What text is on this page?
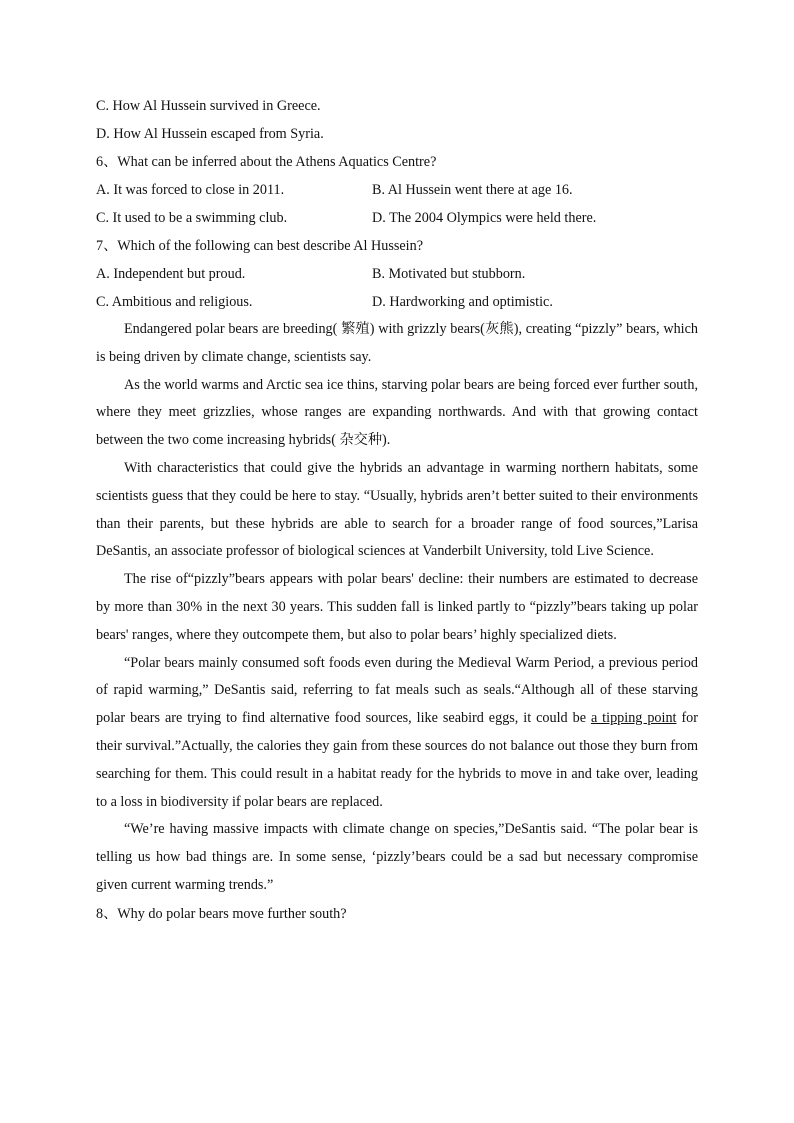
C. How Al Hussein survived in Greece.
D. How Al Hussein escaped from Syria.
6、What can be inferred about the Athens Aquatics Centre?
A. It was forced to close in 2011.	B. Al Hussein went there at age 16.
C. It used to be a swimming club.	D. The 2004 Olympics were held there.
7、Which of the following can best describe Al Hussein?
A. Independent but proud.	B. Motivated but stubborn.
C. Ambitious and religious.	D. Hardworking and optimistic.

Endangered polar bears are breeding( 繁殖) with grizzly bears(灰熊), creating “pizzly” bears, which is being driven by climate change, scientists say.

As the world warms and Arctic sea ice thins, starving polar bears are being forced ever further south, where they meet grizzlies, whose ranges are expanding northwards. And with that growing contact between the two come increasing hybrids( 杂交种).

With characteristics that could give the hybrids an advantage in warming northern habitats, some scientists guess that they could be here to stay. “Usually, hybrids aren’t better suited to their environments than their parents, but these hybrids are able to search for a broader range of food sources,”Larisa DeSantis, an associate professor of biological sciences at Vanderbilt University, told Live Science.

The rise of“pizzly”bears appears with polar bears' decline: their numbers are estimated to decrease by more than 30% in the next 30 years. This sudden fall is linked partly to “pizzly”bears taking up polar bears' ranges, where they outcompete them, but also to polar bears’ highly specialized diets.

“Polar bears mainly consumed soft foods even during the Medieval Warm Period, a previous period of rapid warming,” DeSantis said, referring to fat meals such as seals.“Although all of these starving polar bears are trying to find alternative food sources, like seabird eggs, it could be a tipping point for their survival.”Actually, the calories they gain from these sources do not balance out those they burn from searching for them. This could result in a habitat ready for the hybrids to move in and take over, leading to a loss in biodiversity if polar bears are replaced.

“We’re having massive impacts with climate change on species,”DeSantis said. “The polar bear is telling us how bad things are. In some sense, ‘pizzly’bears could be a sad but necessary compromise given current warming trends.”

8、Why do polar bears move further south?
